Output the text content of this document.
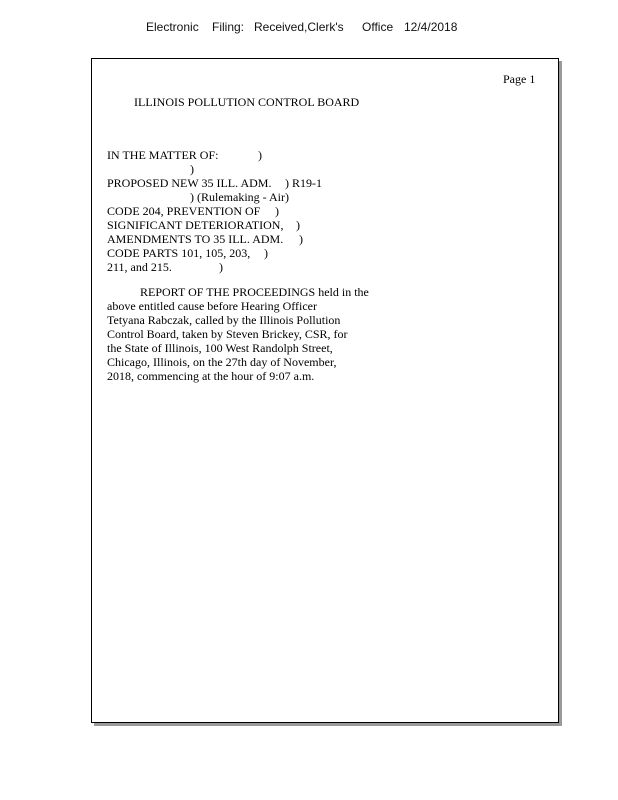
Electronic Filing: Received,Clerk's Office 12/4/2018
Page 1
ILLINOIS POLLUTION CONTROL BOARD
IN THE MATTER OF:	)
)
PROPOSED NEW 35 ILL. ADM. ) R19-1
) (Rulemaking - Air)
CODE 204, PREVENTION OF )
SIGNIFICANT DETERIORATION, )
AMENDMENTS TO 35 ILL. ADM. )
CODE PARTS 101, 105, 203, )
211, and 215.	)
REPORT OF THE PROCEEDINGS held in the
above entitled cause before Hearing Officer
Tetyana Rabczak, called by the Illinois Pollution
Control Board, taken by Steven Brickey, CSR, for
the State of Illinois, 100 West Randolph Street,
Chicago, Illinois, on the 27th day of November,
2018, commencing at the hour of 9:07 a.m.
